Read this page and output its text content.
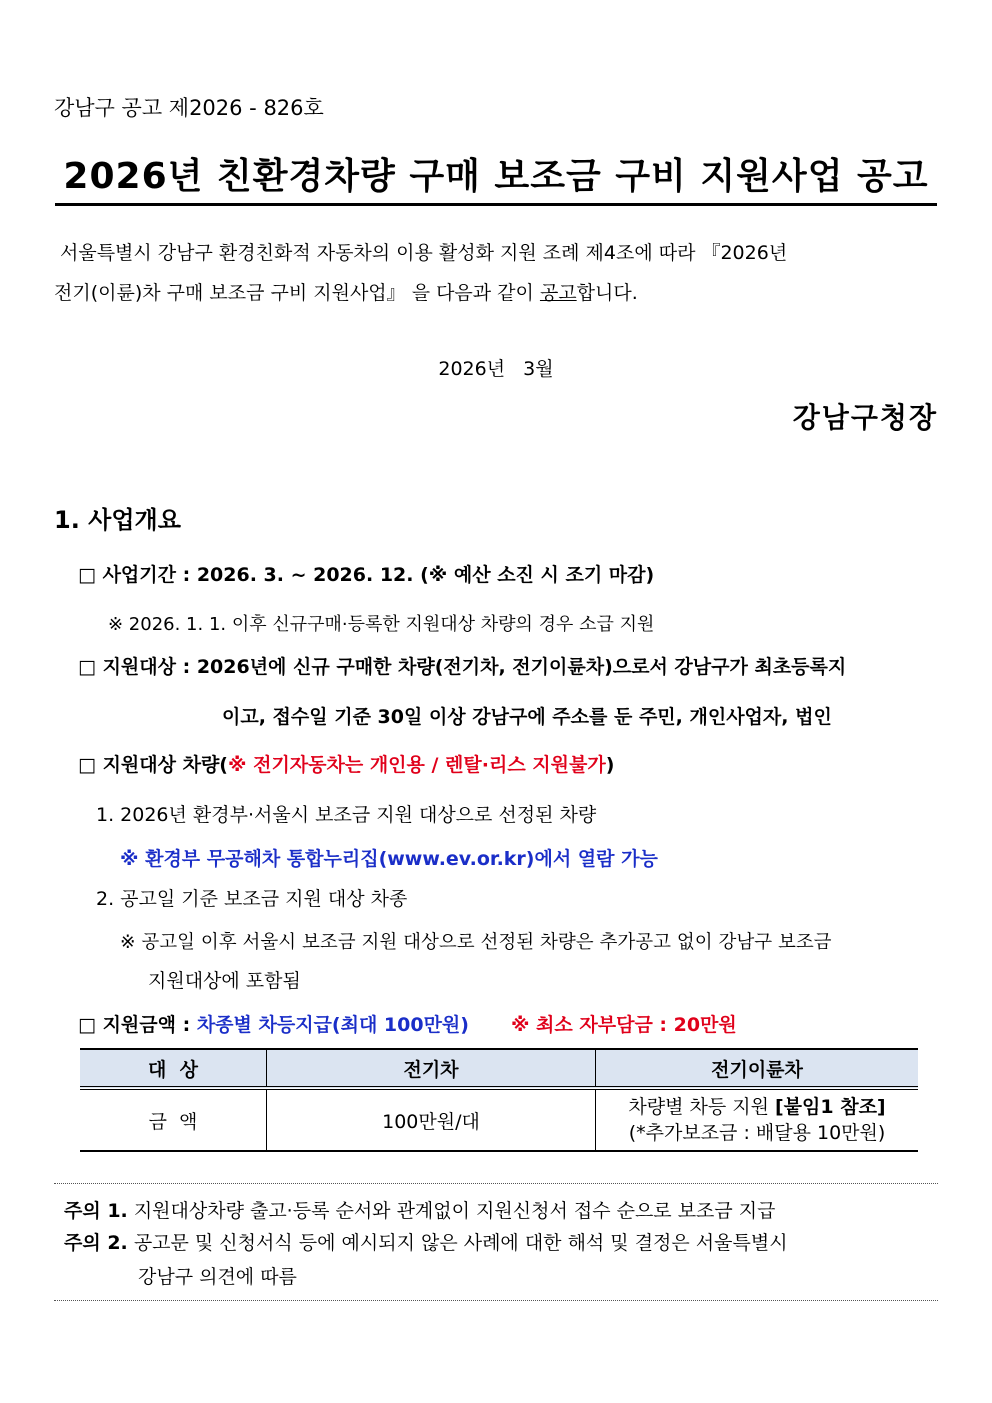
강남구 공고 제2026 - 826호
2026년 친환경차량 구매 보조금 구비 지원사업 공고
서울특별시 강남구 환경친화적 자동차의 이용 활성화 지원 조례 제4조에 따라 『2026년
전기(이륜)차 구매 보조금 구비 지원사업』 을 다음과 같이 공고합니다.
2026년   3월
강남구청장
1. 사업개요
□ 사업기간 : 2026. 3. ~ 2026. 12. (※ 예산 소진 시 조기 마감)
※ 2026. 1. 1. 이후 신규구매·등록한 지원대상 차량의 경우 소급 지원
□ 지원대상 : 2026년에 신규 구매한 차량(전기차, 전기이륜차)으로서 강남구가 최초등록지
이고, 접수일 기준 30일 이상 강남구에 주소를 둔 주민, 개인사업자, 법인
□ 지원대상 차량(※ 전기자동차는 개인용 / 렌탈·리스 지원불가)
1. 2026년 환경부·서울시 보조금 지원 대상으로 선정된 차량
※ 환경부 무공해차 통합누리집(www.ev.or.kr)에서 열람 가능
2. 공고일 기준 보조금 지원 대상 차종
※ 공고일 이후 서울시 보조금 지원 대상으로 선정된 차량은 추가공고 없이 강남구 보조금
지원대상에 포함됨
□ 지원금액 : 차종별 차등지급(최대 100만원) ※ 최소 자부담금 : 20만원
대  상	전기차	전기이륜차
금  액	100만원/대	차량별 차등 지원 [붙임1 참조]
(*추가보조금 : 배달용 10만원)
주의 1. 지원대상차량 출고·등록 순서와 관계없이 지원신청서 접수 순으로 보조금 지급
주의 2. 공고문 및 신청서식 등에 예시되지 않은 사례에 대한 해석 및 결정은 서울특별시
강남구 의견에 따름
